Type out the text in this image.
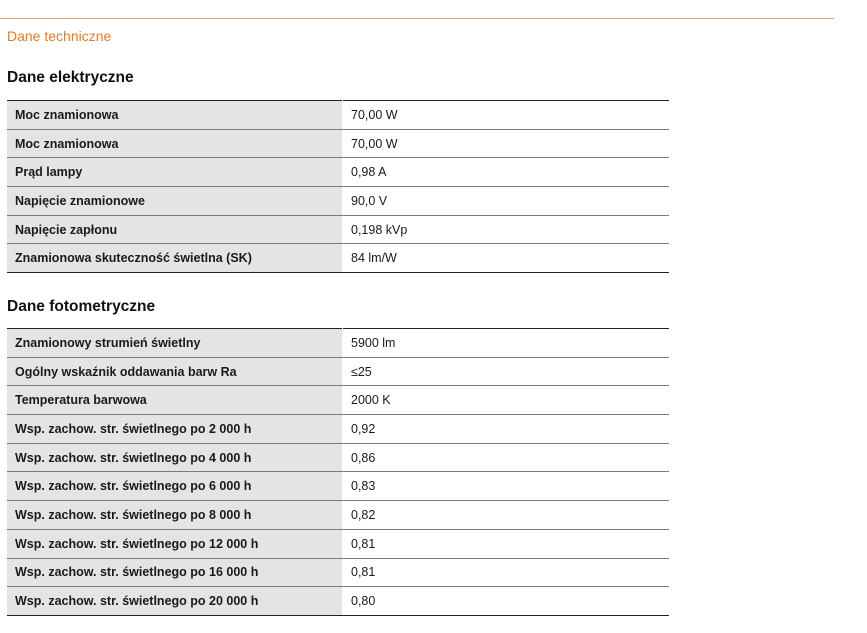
Dane techniczne
Dane elektryczne
Moc znamionowa	70,00 W
Moc znamionowa	70,00 W
Prąd lampy	0,98 A
Napięcie znamionowe	90,0 V
Napięcie zapłonu	0,198 kVp
Znamionowa skuteczność świetlna (SK)	84 lm/W
Dane fotometryczne
Znamionowy strumień świetlny	5900 lm
Ogólny wskaźnik oddawania barw Ra	≤25
Temperatura barwowa	2000 K
Wsp. zachow. str. świetlnego po 2 000 h	0,92
Wsp. zachow. str. świetlnego po 4 000 h	0,86
Wsp. zachow. str. świetlnego po 6 000 h	0,83
Wsp. zachow. str. świetlnego po 8 000 h	0,82
Wsp. zachow. str. świetlnego po 12 000 h	0,81
Wsp. zachow. str. świetlnego po 16 000 h	0,81
Wsp. zachow. str. świetlnego po 20 000 h	0,80
